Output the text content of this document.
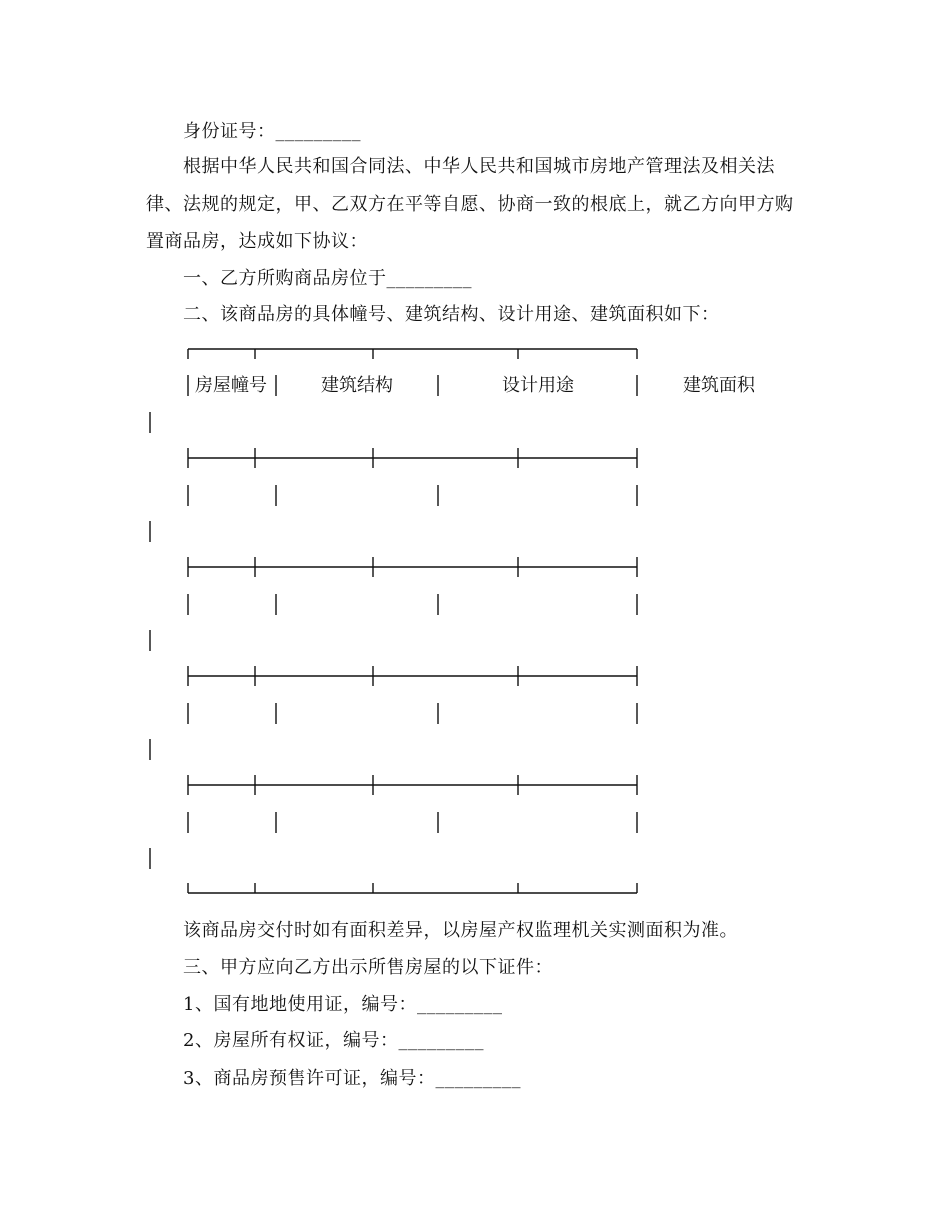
身份证号：_________
根据中华人民共和国合同法、中华人民共和国城市房地产管理法及相关法
律、法规的规定，甲、乙双方在平等自愿、协商一致的根底上，就乙方向甲方购
置商品房，达成如下协议：
一、乙方所购商品房位于_________
二、该商品房的具体幢号、建筑结构、设计用途、建筑面积如下：
房屋幢号	建筑结构	设计用途	建筑面积
该商品房交付时如有面积差异，以房屋产权监理机关实测面积为准。
三、甲方应向乙方出示所售房屋的以下证件：
1、国有地地使用证，编号：_________
2、房屋所有权证，编号：_________
3、商品房预售许可证，编号：_________
